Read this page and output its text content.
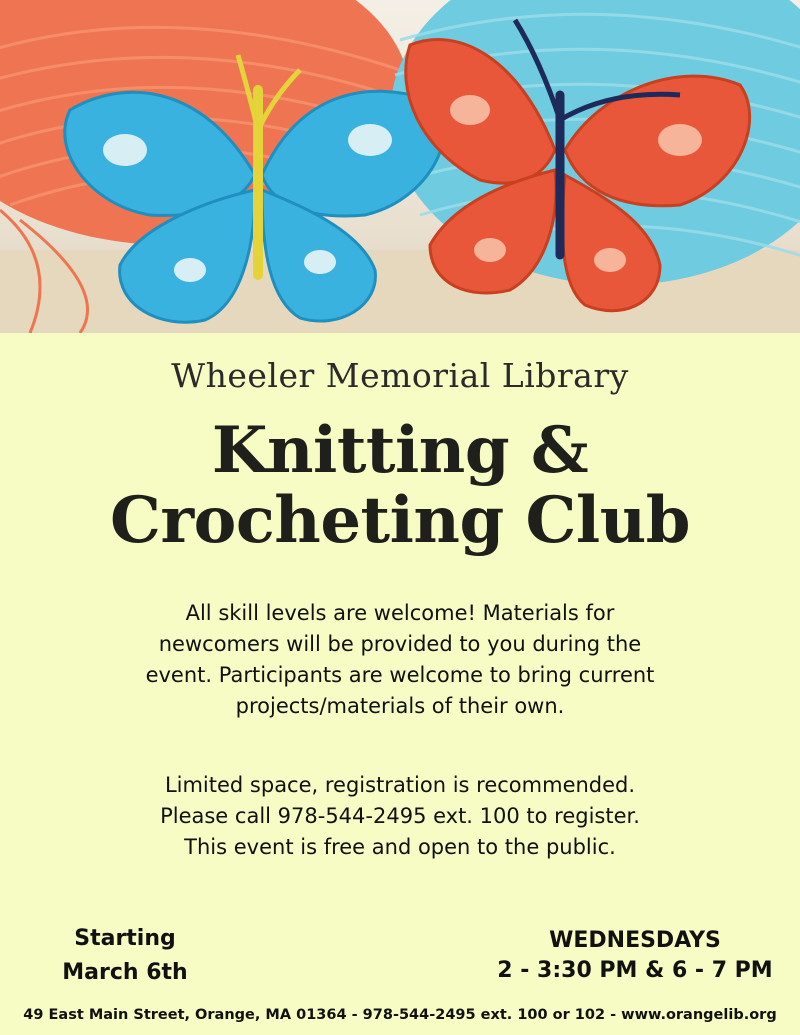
Wheeler Memorial Library
Knitting &
Crocheting Club
All skill levels are welcome! Materials for newcomers will be provided to you during the event. Participants are welcome to bring current projects/materials of their own.
Limited space, registration is recommended. Please call 978-544-2495 ext. 100 to register. This event is free and open to the public.
Starting
March 6th
WEDNESDAYS
2 - 3:30 PM & 6 - 7 PM
49 East Main Street, Orange, MA 01364 - 978-544-2495 ext. 100 or 102 - www.orangelib.org
